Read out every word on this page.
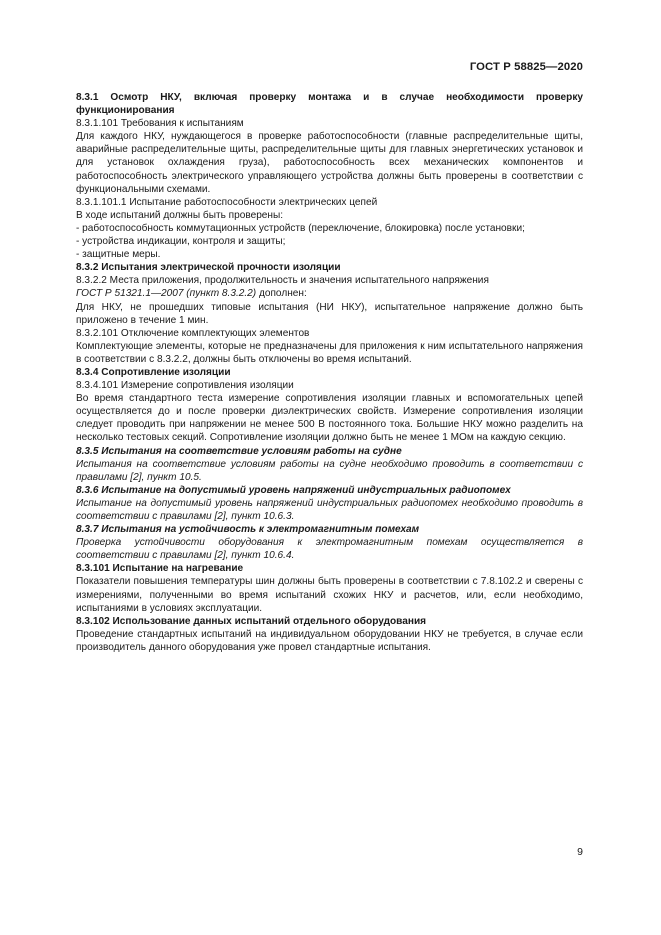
ГОСТ Р 58825—2020

8.3.1 Осмотр НКУ, включая проверку монтажа и в случае необходимости проверку функционирования

8.3.1.101 Требования к испытаниям

Для каждого НКУ, нуждающегося в проверке работоспособности (главные распределительные щиты, аварийные распределительные щиты, распределительные щиты для главных энергетических установок и для установок охлаждения груза), работоспособность всех механических компонентов и работоспособность электрического управляющего устройства должны быть проверены в соответствии с функциональными схемами.

8.3.1.101.1 Испытание работоспособности электрических цепей

В ходе испытаний должны быть проверены:

- работоспособность коммутационных устройств (переключение, блокировка) после установки;

- устройства индикации, контроля и защиты;

- защитные меры.

8.3.2 Испытания электрической прочности изоляции

8.3.2.2 Места приложения, продолжительность и значения испытательного напряжения

ГОСТ Р 51321.1—2007 (пункт 8.3.2.2) дополнен:

Для НКУ, не прошедших типовые испытания (НИ НКУ), испытательное напряжение должно быть приложено в течение 1 мин.

8.3.2.101 Отключение комплектующих элементов

Комплектующие элементы, которые не предназначены для приложения к ним испытательного напряжения в соответствии с 8.3.2.2, должны быть отключены во время испытаний.

8.3.4 Сопротивление изоляции

8.3.4.101 Измерение сопротивления изоляции

Во время стандартного теста измерение сопротивления изоляции главных и вспомогательных цепей осуществляется до и после проверки диэлектрических свойств. Измерение сопротивления изоляции следует проводить при напряжении не менее 500 В постоянного тока. Большие НКУ можно разделить на несколько тестовых секций. Сопротивление изоляции должно быть не менее 1 МОм на каждую секцию.

8.3.5 Испытания на соответствие условиям работы на судне

Испытания на соответствие условиям работы на судне необходимо проводить в соответствии с правилами [2], пункт 10.5.

8.3.6 Испытание на допустимый уровень напряжений индустриальных радиопомех

Испытание на допустимый уровень напряжений индустриальных радиопомех необходимо проводить в соответствии с правилами [2], пункт 10.6.3.

8.3.7 Испытания на устойчивость к электромагнитным помехам

Проверка устойчивости оборудования к электромагнитным помехам осуществляется в соответствии с правилами [2], пункт 10.6.4.

8.3.101 Испытание на нагревание

Показатели повышения температуры шин должны быть проверены в соответствии с 7.8.102.2 и сверены с измерениями, полученными во время испытаний схожих НКУ и расчетов, или, если необходимо, испытаниями в условиях эксплуатации.

8.3.102 Использование данных испытаний отдельного оборудования

Проведение стандартных испытаний на индивидуальном оборудовании НКУ не требуется, в случае если производитель данного оборудования уже провел стандартные испытания.

9
